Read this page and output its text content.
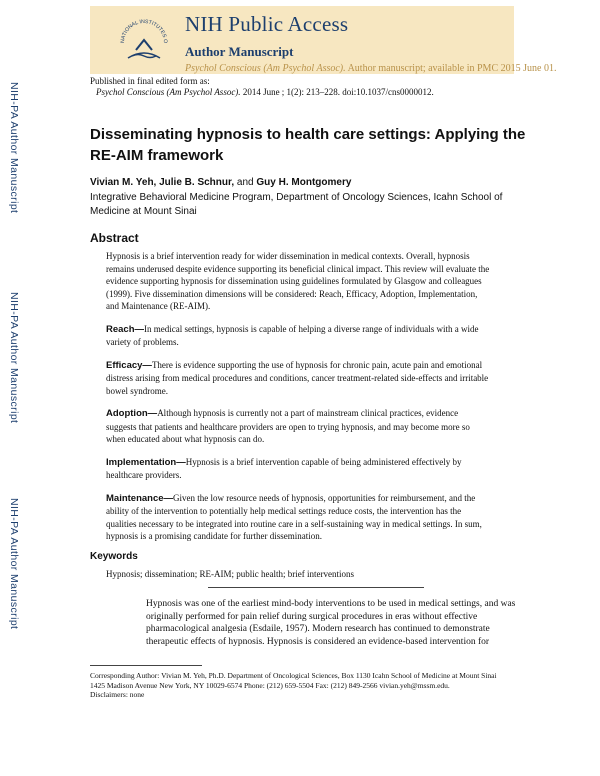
NIH-PA Author Manuscript
NIH-PA Author Manuscript
NIH-PA Author Manuscript
NATIONAL INSTITUTES O
NIH Public Access
Author Manuscript
Psychol Conscious (Am Psychol Assoc). Author manuscript; available in PMC 2015 June 01.
Published in final edited form as:
Psychol Conscious (Am Psychol Assoc). 2014 June ; 1(2): 213–228. doi:10.1037/cns0000012.
Disseminating hypnosis to health care settings: Applying the RE-AIM framework
Vivian M. Yeh, Julie B. Schnur, and Guy H. Montgomery
Integrative Behavioral Medicine Program, Department of Oncology Sciences, Icahn School of Medicine at Mount Sinai
Abstract

Hypnosis is a brief intervention ready for wider dissemination in medical contexts. Overall, hypnosis remains underused despite evidence supporting its beneficial clinical impact. This review will evaluate the evidence supporting hypnosis for dissemination using guidelines formulated by Glasgow and colleagues (1999). Five dissemination dimensions will be considered: Reach, Efficacy, Adoption, Implementation, and Maintenance (RE-AIM).

Reach—In medical settings, hypnosis is capable of helping a diverse range of individuals with a wide variety of problems.

Efficacy—There is evidence supporting the use of hypnosis for chronic pain, acute pain and emotional distress arising from medical procedures and conditions, cancer treatment-related side-effects and irritable bowel syndrome.

Adoption—Although hypnosis is currently not a part of mainstream clinical practices, evidence suggests that patients and healthcare providers are open to trying hypnosis, and may become more so when educated about what hypnosis can do.

Implementation—Hypnosis is a brief intervention capable of being administered effectively by healthcare providers.

Maintenance—Given the low resource needs of hypnosis, opportunities for reimbursement, and the ability of the intervention to potentially help medical settings reduce costs, the intervention has the qualities necessary to be integrated into routine care in a self-sustaining way in medical settings. In sum, hypnosis is a promising candidate for further dissemination.

Keywords
Hypnosis; dissemination; RE-AIM; public health; brief interventions
Hypnosis was one of the earliest mind-body interventions to be used in medical settings, and was originally performed for pain relief during surgical procedures in eras without effective pharmacological analgesia (Esdaile, 1957). Modern research has continued to demonstrate therapeutic effects of hypnosis. Hypnosis is considered an evidence-based intervention for
Corresponding Author: Vivian M. Yeh, Ph.D. Department of Oncological Sciences, Box 1130 Icahn School of Medicine at Mount Sinai 1425 Madison Avenue New York, NY 10029-6574 Phone: (212) 659-5504 Fax: (212) 849-2566 vivian.yeh@mssm.edu.
Disclaimers: none
